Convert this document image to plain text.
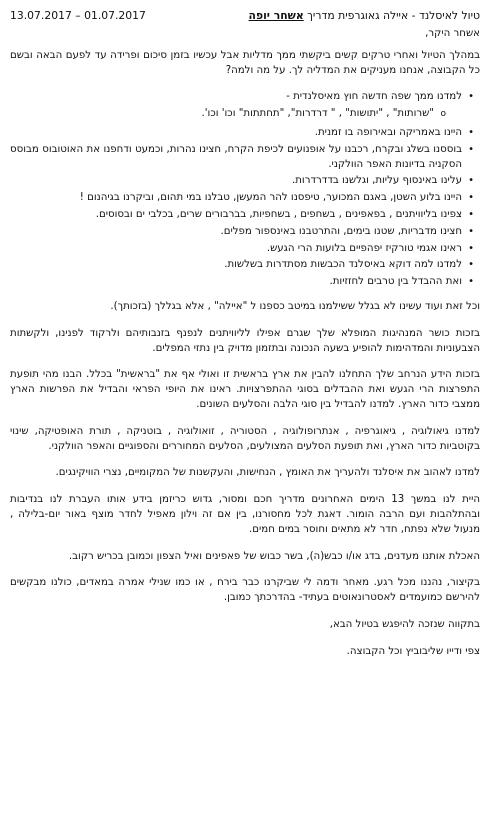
טיול לאיסלנד - איילה גאוגרפית מדריך אשחר יופה
13.07.2017 – 01.07.2017

אשחר היקר,

במהלך הטיול ואחרי טרקים קשים ביקשתי ממך מדליות אבל עכשיו בזמן סיכום ופרידה עד לפעם הבאה ובשם כל הקבוצה, אנחנו מעניקים את המדליה לך. על מה ולמה?

• למדנו ממך שפה חדשה חוץ מאיסלנדית -
o "שרותות" , "יתושות" , " דרדרות", "תחתתות" וכו' וכו'.
• היינו באמריקה ובאירופה בו זמנית.
• בוססנו בשלג ובקרח, רכבנו על אופנועים לכיפת הקרח, חצינו נהרות, וכמעט ודחפנו את האוטובוס מבוסס הסקניה בדיונות האפר הוולקני.
• עלינו באינסוף עליות, וגלשנו בדדרדרות.
• היינו בלוע השטן, באגם המכוער, טיפסנו להר המעשן, טבלנו במי תהום, וביקרנו בגיהנום !
• צפינו בליוויתנים , בפאפינים , בשחפים , בשחפיות, בברבורים שרים, בכלבי ים ובסוסים.
• חצינו מדבריות, שטנו בימים, והתרטבנו באינספור מפלים.
• ראינו אגמי טורקיז יפהפיים בלועות הרי הגעש.
• למדנו למה דוקא באיסלנד הכבשות מסתדרות בשלשות.
• ואת ההבדל בין טרבים לחזזיות.

וכל זאת ועוד עשינו לא בגלל ששילמנו במיטב כספנו ל "איילה" , אלא בגללך (בזכותך).

בזכות כושר המנהיגות המופלא שלך שגרם אפילו לליוויתנים לנפנף בזנבותיהם ולרקוד לפנינו, ולקשתות הצבעוניות והמדהימות להופיע בשעה הנכונה ובתזמון מדויק בין נתזי המפלים.

בזכות הידע הנרחב שלך התחלנו להבין את ארץ בראשית זו ואולי אף את "בראשית" בכלל. הבנו מהי תופעת התפרצות הרי הגעש ואת ההבדלים בסוגי ההתפרצויות. ראינו את היופי הפראי והבדיל את הפרשות הארץ ממצבי כדור הארץ. למדנו להבדיל בין סוגי הלבה והסלעים השונים.

למדנו גיאולוגיה , גיאוגרפיה , אנתרופולוגיה , הסטוריה , זואולוגיה , בוטניקה , תורת האופטיקה, שינוי בקוטביות כדור הארץ, ואת תופעת הסלעים המצולעים, הסלעים המחוררים והספוגיים והאפר הוולקני.

למדנו לאהוב את איסלנד ולהעריך את האומץ , הנחישות, והעקשנות של המקומיים, נצרי הוויקינגים.

היית לנו במשך 13 הימים האחרונים מדריך חכם ומסור, גדוש כריזמן בידע אותו העברת לנו בנדיבות ובהתלהבות ועם הרבה הומור. דאגת לכל מחסורנו, בין אם זה וילון מאפיל לחדר מוצף באור יום-בלילה , מנעול שלא נפתח, חדר לא מתאים וחוסר במים חמים.

האכלת אותנו מעדנים, בדג או/ו כבש(ה), בשר כבוש של פאפינים ואיל הצפון וכמובן בכריש רקוב.

בקיצור, נהננו מכל רגע. מאחר ודמה לי שביקרנו כבר בירח , או כמו שנילי אמרה במאדים, כולנו מבקשים להירשם כמועמדים לאסטרונאוטים בעתיד- בהדרכתך כמובן.

בתקווה שנזכה להיפגש בטיול הבא,

צפי ודייו שליבוביץ וכל הקבוצה.
